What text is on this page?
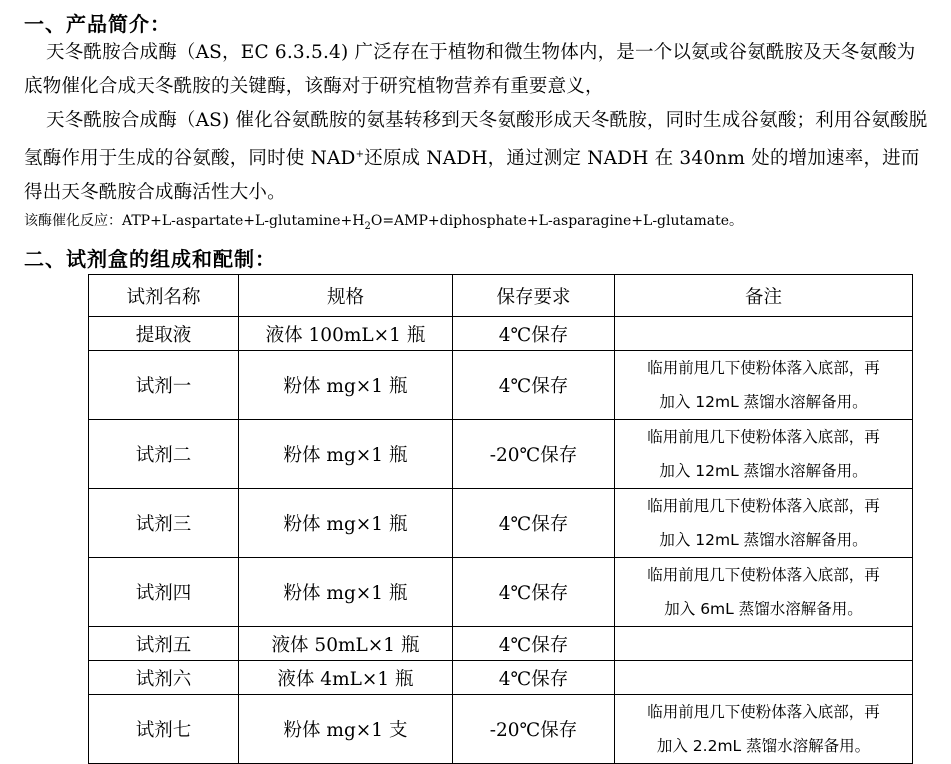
一、产品简介：

天冬酰胺合成酶（AS，EC 6.3.5.4) 广泛存在于植物和微生物体内，是一个以氨或谷氨酰胺及天冬氨酸为底物催化合成天冬酰胺的关键酶，该酶对于研究植物营养有重要意义，

天冬酰胺合成酶（AS) 催化谷氨酰胺的氨基转移到天冬氨酸形成天冬酰胺，同时生成谷氨酸；利用谷氨酸脱氢酶作用于生成的谷氨酸，同时使 NAD+还原成 NADH，通过测定 NADH 在 340nm 处的增加速率，进而得出天冬酰胺合成酶活性大小。

该酶催化反应：$ATP+L-aspartate+L-glutamine+H_2O=AMP+diphosphate+L-asparagine+L$-glutamate。
二、试剂盒的组成和配制：
试剂名称	规格	保存要求	备注
提取液	液体 100mL×1 瓶	4℃保存	
试剂一	粉体 mg×1 瓶	4℃保存	临用前甩几下使粉体落入底部，再
加入 12mL 蒸馏水溶解备用。

试剂二	粉体 mg×1 瓶	-20℃保存	临用前甩几下使粉体落入底部，再
加入 12mL 蒸馏水溶解备用。

试剂三	粉体 mg×1 瓶	4℃保存	临用前甩几下使粉体落入底部，再
加入 12mL 蒸馏水溶解备用。

试剂四	粉体 mg×1 瓶	4℃保存	临用前甩几下使粉体落入底部，再
加入 6mL 蒸馏水溶解备用。

试剂五	液体 50mL×1 瓶	4℃保存	
试剂六	液体 4mL×1 瓶	4℃保存	
试剂七	粉体 mg×1 支	-20℃保存	临用前甩几下使粉体落入底部，再
加入 2.2mL 蒸馏水溶解备用。
